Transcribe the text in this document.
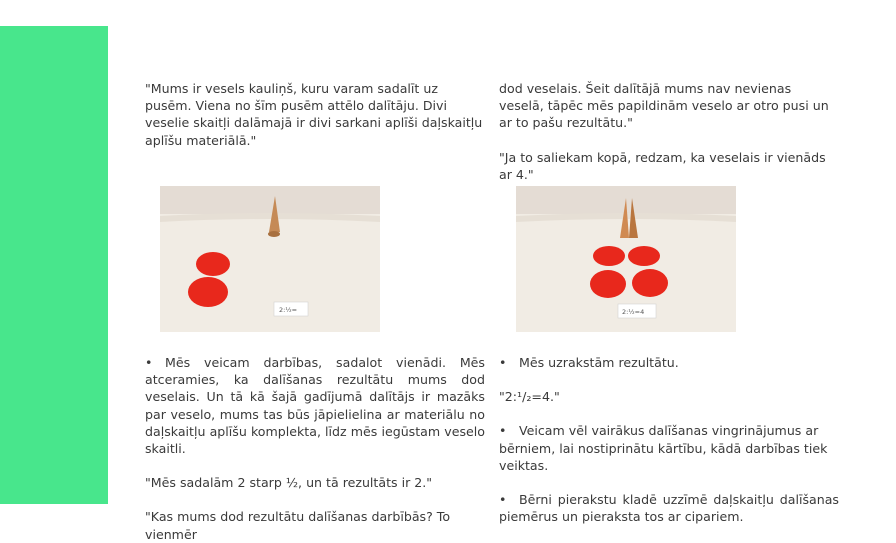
"Mums ir vesels kauliņš, kuru varam sadalīt uz pusēm. Viena no šīm pusēm attēlo dalītāju. Divi veselie skaitļi dalāmajā ir divi sarkani aplīši daļskaitļu aplīšu materiālā."

dod veselais. Šeit dalītājā mums nav nevienas veselā, tāpēc mēs papildinām veselo ar otro pusi un ar to pašu rezultātu."

"Ja to saliekam kopā, redzam, ka veselais ir vienāds ar 4."

2:½=	2:½=4

• Mēs veicam darbības, sadalot vienādi. Mēs atceramies, ka dalīšanas rezultātu mums dod veselais. Un tā kā šajā gadījumā dalītājs ir mazāks par veselo, mums tas būs jāpielielina ar materiālu no daļskaitļu aplīšu komplekta, līdz mēs iegūstam veselo skaitli.

"Mēs sadalām 2 starp ½, un tā rezultāts ir 2."

"Kas mums dod rezultātu dalīšanas darbībās? To vienmēr

• Mēs uzrakstām rezultātu.

"2:¹/₂=4."

• Veicam vēl vairākus dalīšanas vingrinājumus ar bērniem, lai nostiprinātu kārtību, kādā darbības tiek veiktas.

• Bērni pierakstu kladē uzzīmē daļskaitļu dalīšanas piemērus un pieraksta tos ar cipariem.
